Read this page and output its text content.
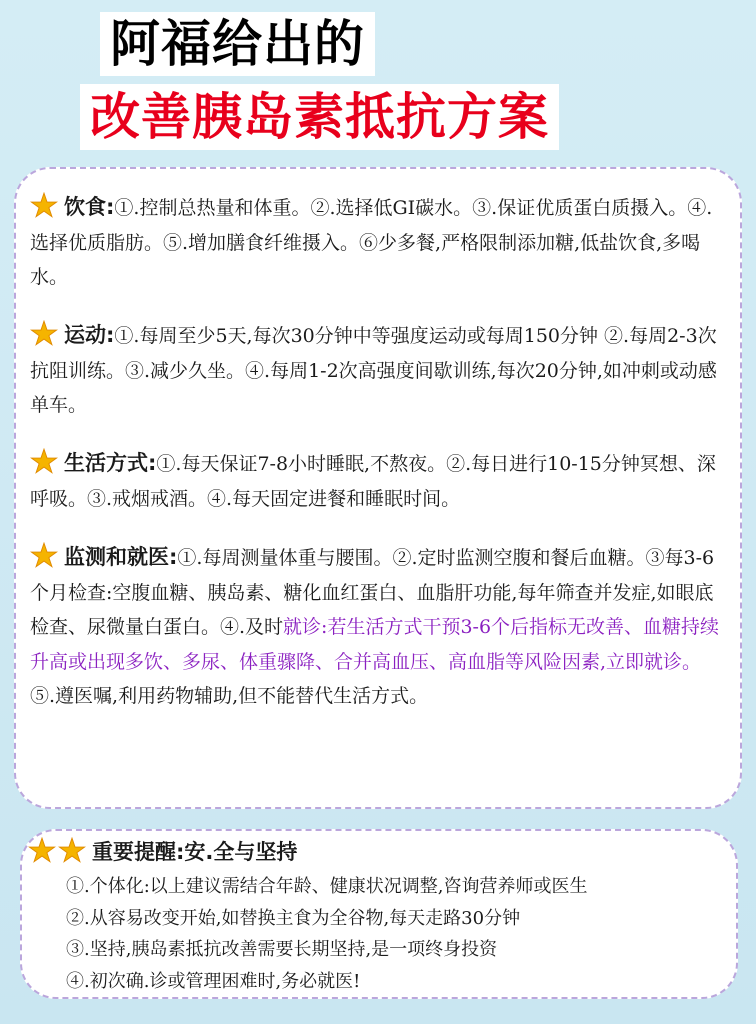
阿福给出的
改善胰岛素抵抗方案
饮食:①.控制总热量和体重。②.选择低GI碳水。③.保证优质蛋白质摄入。④.选择优质脂肪。⑤.增加膳食纤维摄入。⑥少多餐,严格限制添加糖,低盐饮食,多喝水。
运动:①.每周至少5天,每次30分钟中等强度运动或每周150分钟 ②.每周2-3次抗阻训练。③.减少久坐。④.每周1-2次高强度间歇训练,每次20分钟,如冲刺或动感单车。
生活方式:①.每天保证7-8小时睡眠,不熬夜。②.每日进行10-15分钟冥想、深呼吸。③.戒烟戒酒。④.每天固定进餐和睡眠时间。
监测和就医:①.每周测量体重与腰围。②.定时监测空腹和餐后血糖。③每3-6个月检查:空腹血糖、胰岛素、糖化血红蛋白、血脂肝功能,每年筛查并发症,如眼底检查、尿微量白蛋白。④.及时就诊:若生活方式干预3-6个后指标无改善、血糖持续升高或出现多饮、多尿、体重骤降、合并高血压、高血脂等风险因素,立即就诊。⑤.遵医嘱,利用药物辅助,但不能替代生活方式。
重要提醒:安.全与坚持
①.个体化:以上建议需结合年龄、健康状况调整,咨询营养师或医生
②.从容易改变开始,如替换主食为全谷物,每天走路30分钟
③.坚持,胰岛素抵抗改善需要长期坚持,是一项终身投资
④.初次确.诊或管理困难时,务必就医!
